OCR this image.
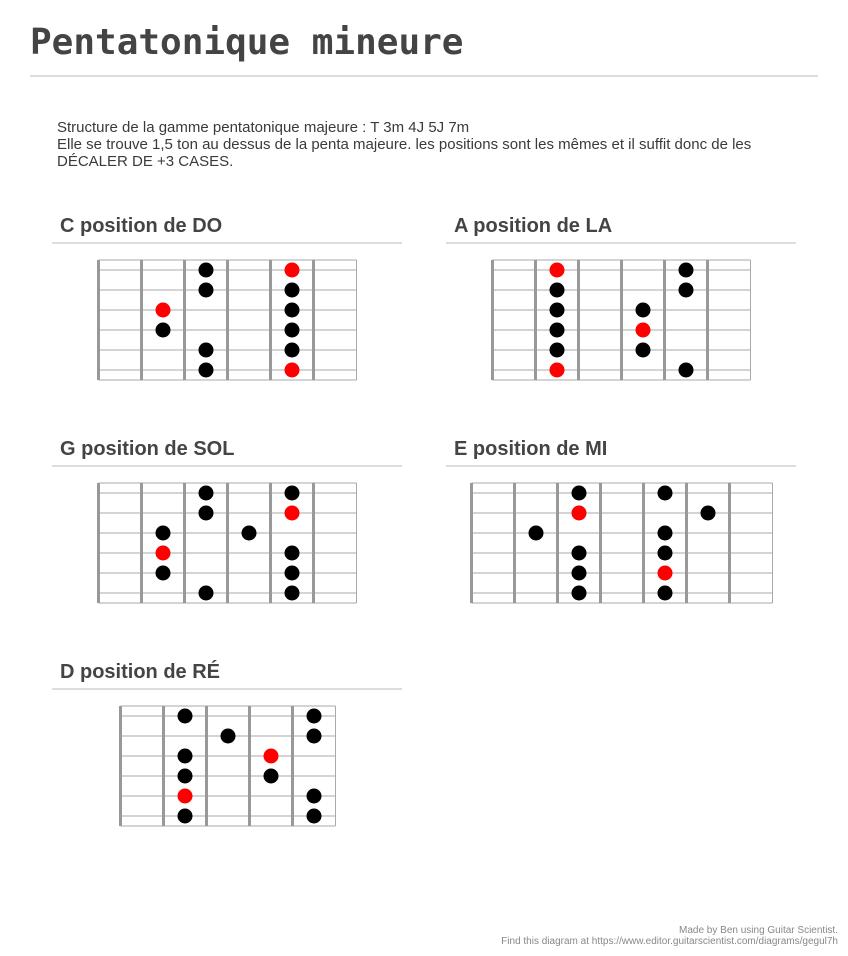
Pentatonique mineure
Structure de la gamme pentatonique majeure : T 3m 4J 5J 7m
Elle se trouve 1,5 ton au dessus de la penta majeure. les positions sont les mêmes et il suffit donc de les DÉCALER DE +3 CASES.
C position de DO	A position de LA
G position de SOL	E position de MI
D position de RÉ
Made by Ben using Guitar Scientist.
Find this diagram at https://www.editor.guitarscientist.com/diagrams/gegul7h
